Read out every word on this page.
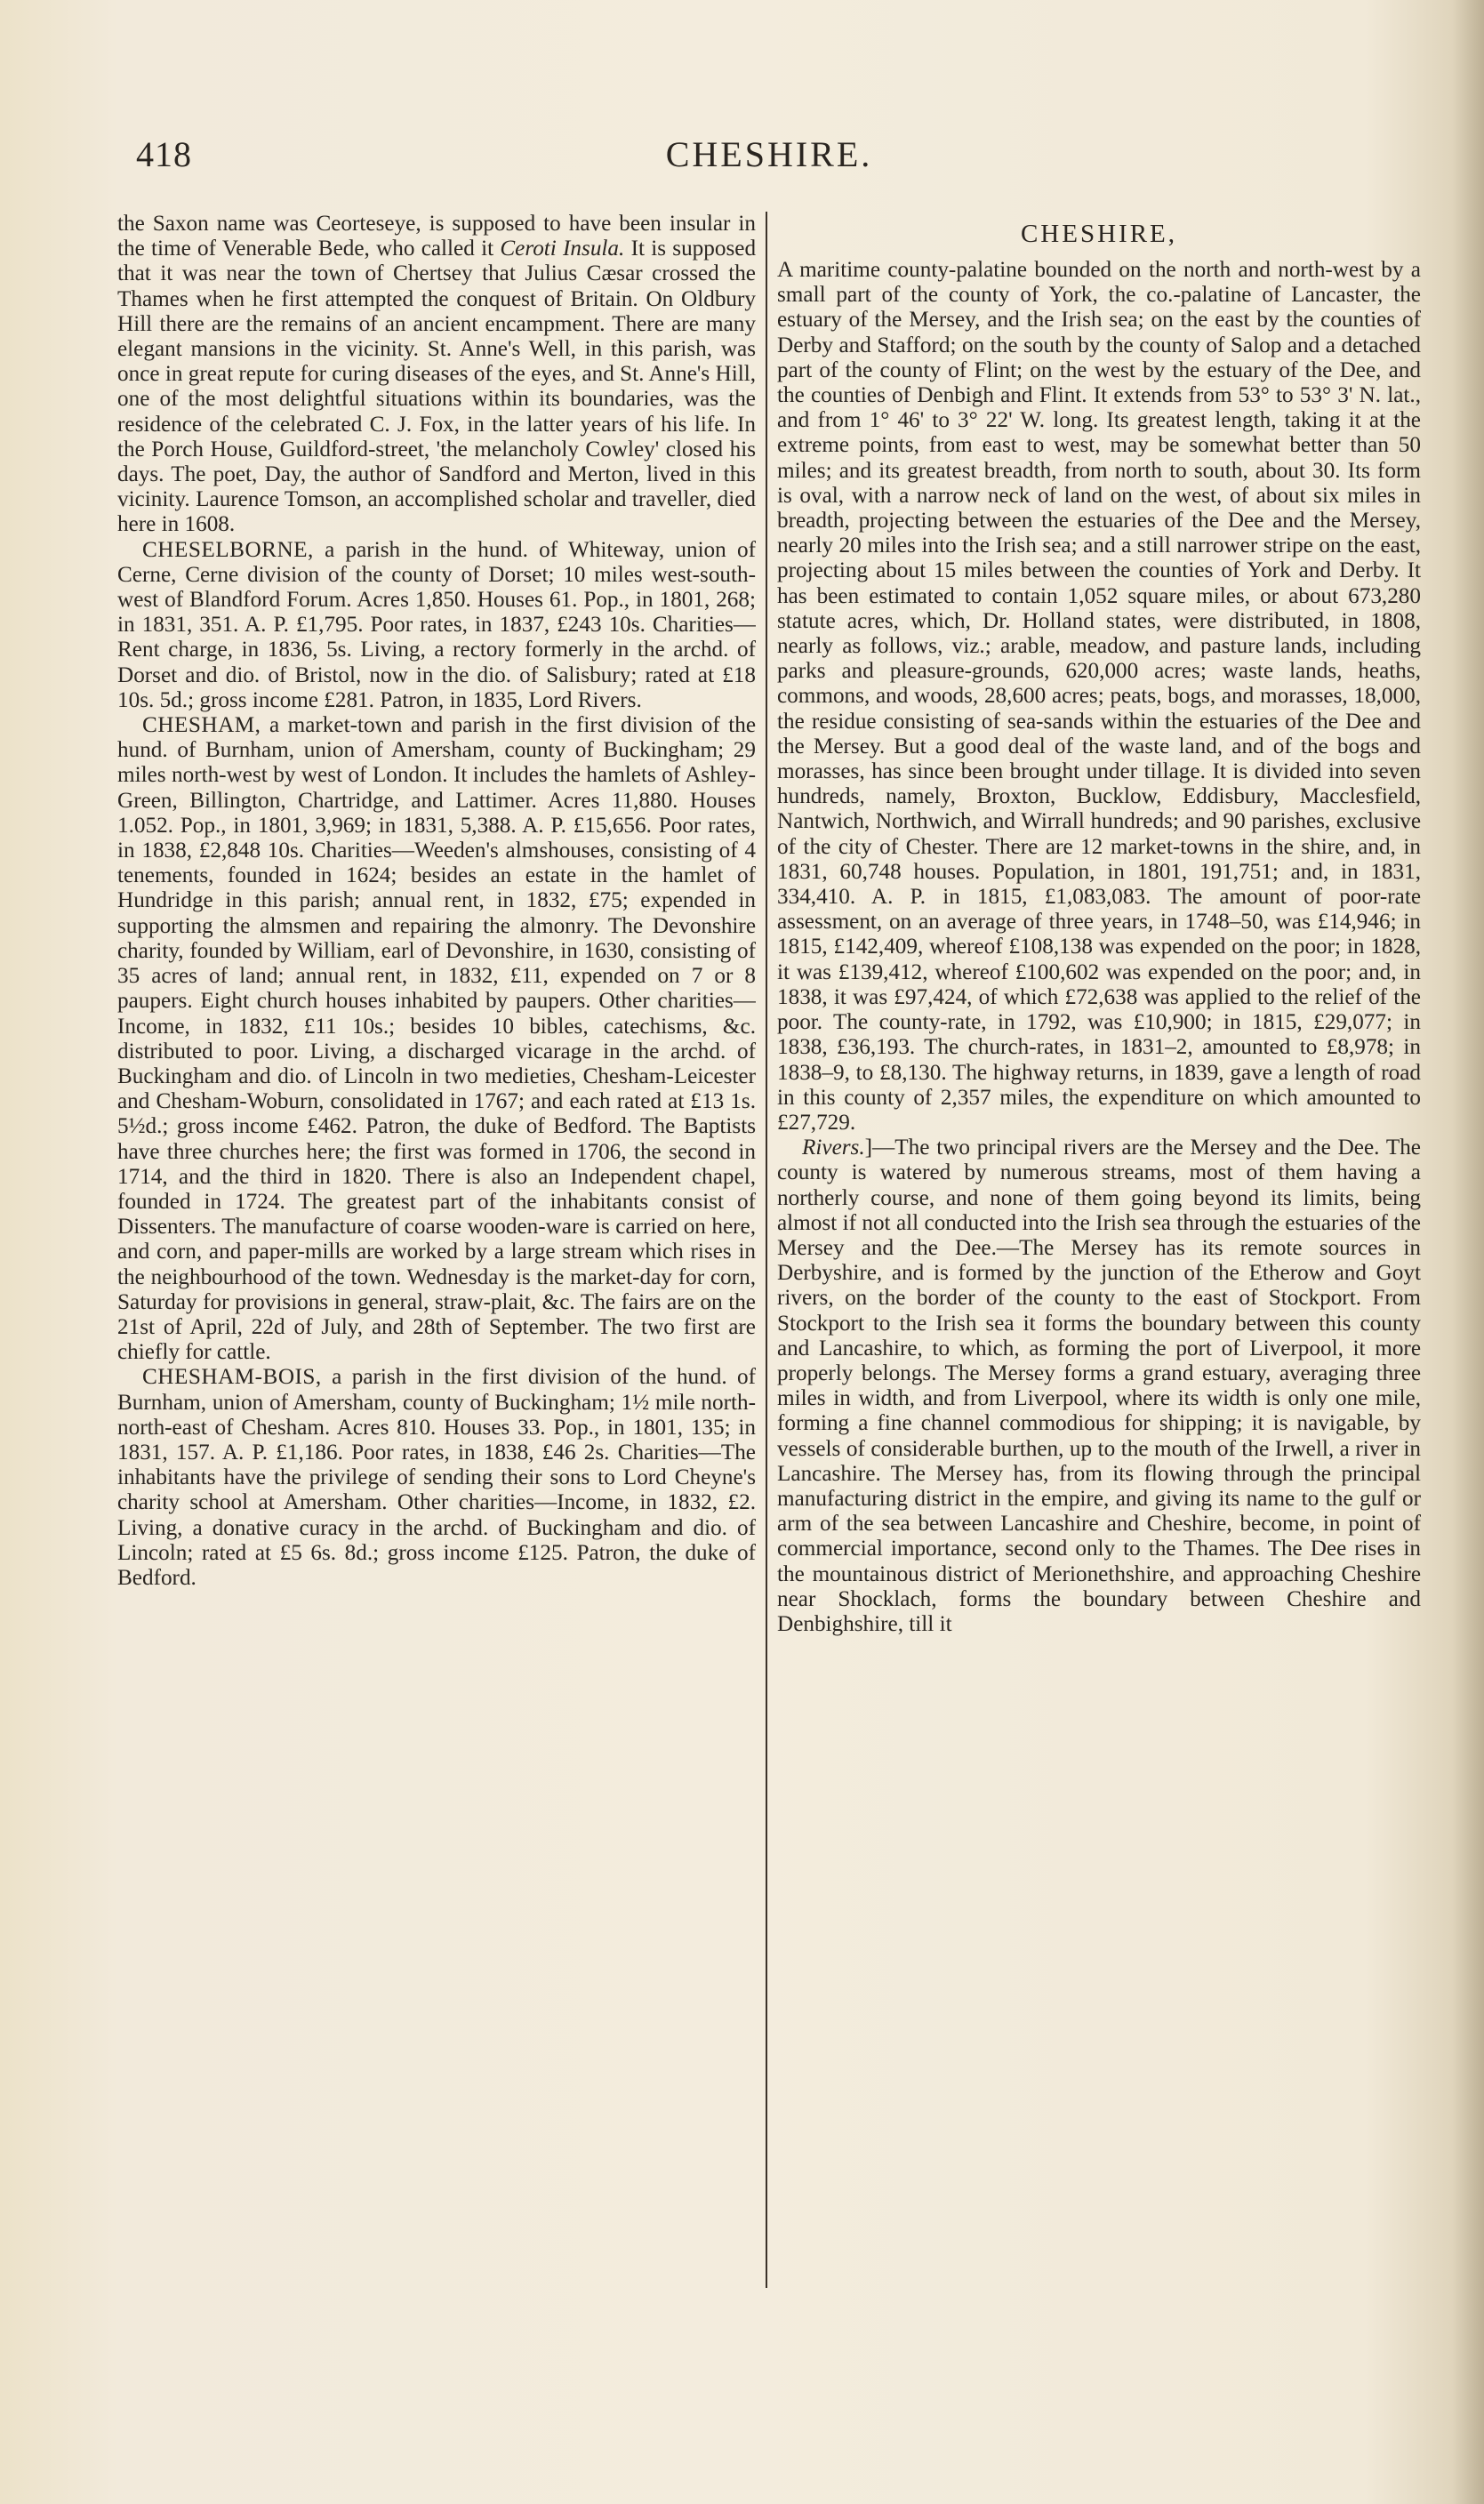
418	CHESHIRE.

the Saxon name was Ceorteseye, is supposed to have been insular in the time of Venerable Bede, who called it Ceroti Insula. It is supposed that it was near the town of Chertsey that Julius Cæsar crossed the Thames when he first attempted the conquest of Britain. On Oldbury Hill there are the remains of an ancient encampment. There are many elegant mansions in the vicinity. St. Anne's Well, in this parish, was once in great repute for curing diseases of the eyes, and St. Anne's Hill, one of the most delightful situations within its boundaries, was the residence of the celebrated C. J. Fox, in the latter years of his life. In the Porch House, Guildford-street, 'the melancholy Cowley' closed his days. The poet, Day, the author of Sandford and Merton, lived in this vicinity. Laurence Tomson, an accomplished scholar and traveller, died here in 1608.

CHESELBORNE, a parish in the hund. of Whiteway, union of Cerne, Cerne division of the county of Dorset; 10 miles west-south-west of Blandford Forum. Acres 1,850. Houses 61. Pop., in 1801, 268; in 1831, 351. A. P. £1,795. Poor rates, in 1837, £243 10s. Charities—Rent charge, in 1836, 5s. Living, a rectory formerly in the archd. of Dorset and dio. of Bristol, now in the dio. of Salisbury; rated at £18 10s. 5d.; gross income £281. Patron, in 1835, Lord Rivers.

CHESHAM, a market-town and parish in the first division of the hund. of Burnham, union of Amersham, county of Buckingham; 29 miles north-west by west of London. It includes the hamlets of Ashley-Green, Billington, Chartridge, and Lattimer. Acres 11,880. Houses 1.052. Pop., in 1801, 3,969; in 1831, 5,388. A. P. £15,656. Poor rates, in 1838, £2,848 10s. Charities—Weeden's almshouses, consisting of 4 tenements, founded in 1624; besides an estate in the hamlet of Hundridge in this parish; annual rent, in 1832, £75; expended in supporting the almsmen and repairing the almonry. The Devonshire charity, founded by William, earl of Devonshire, in 1630, consisting of 35 acres of land; annual rent, in 1832, £11, expended on 7 or 8 paupers. Eight church houses inhabited by paupers. Other charities—Income, in 1832, £11 10s.; besides 10 bibles, catechisms, &c. distributed to poor. Living, a discharged vicarage in the archd. of Buckingham and dio. of Lincoln in two medieties, Chesham-Leicester and Chesham-Woburn, consolidated in 1767; and each rated at £13 1s. 5½d.; gross income £462. Patron, the duke of Bedford. The Baptists have three churches here; the first was formed in 1706, the second in 1714, and the third in 1820. There is also an Independent chapel, founded in 1724. The greatest part of the inhabitants consist of Dissenters. The manufacture of coarse wooden-ware is carried on here, and corn, and paper-mills are worked by a large stream which rises in the neighbourhood of the town. Wednesday is the market-day for corn, Saturday for provisions in general, straw-plait, &c. The fairs are on the 21st of April, 22d of July, and 28th of September. The two first are chiefly for cattle.

CHESHAM-BOIS, a parish in the first division of the hund. of Burnham, union of Amersham, county of Buckingham; 1½ mile north-north-east of Chesham. Acres 810. Houses 33. Pop., in 1801, 135; in 1831, 157. A. P. £1,186. Poor rates, in 1838, £46 2s. Charities—The inhabitants have the privilege of sending their sons to Lord Cheyne's charity school at Amersham. Other charities—Income, in 1832, £2. Living, a donative curacy in the archd. of Buckingham and dio. of Lincoln; rated at £5 6s. 8d.; gross income £125. Patron, the duke of Bedford.

CHESHIRE,

A maritime county-palatine bounded on the north and north-west by a small part of the county of York, the co.-palatine of Lancaster, the estuary of the Mersey, and the Irish sea; on the east by the counties of Derby and Stafford; on the south by the county of Salop and a detached part of the county of Flint; on the west by the estuary of the Dee, and the counties of Denbigh and Flint. It extends from 53° to 53° 3' N. lat., and from 1° 46' to 3° 22' W. long. Its greatest length, taking it at the extreme points, from east to west, may be somewhat better than 50 miles; and its greatest breadth, from north to south, about 30. Its form is oval, with a narrow neck of land on the west, of about six miles in breadth, projecting between the estuaries of the Dee and the Mersey, nearly 20 miles into the Irish sea; and a still narrower stripe on the east, projecting about 15 miles between the counties of York and Derby. It has been estimated to contain 1,052 square miles, or about 673,280 statute acres, which, Dr. Holland states, were distributed, in 1808, nearly as follows, viz.; arable, meadow, and pasture lands, including parks and pleasure-grounds, 620,000 acres; waste lands, heaths, commons, and woods, 28,600 acres; peats, bogs, and morasses, 18,000, the residue consisting of sea-sands within the estuaries of the Dee and the Mersey. But a good deal of the waste land, and of the bogs and morasses, has since been brought under tillage. It is divided into seven hundreds, namely, Broxton, Bucklow, Eddisbury, Macclesfield, Nantwich, Northwich, and Wirrall hundreds; and 90 parishes, exclusive of the city of Chester. There are 12 market-towns in the shire, and, in 1831, 60,748 houses. Population, in 1801, 191,751; and, in 1831, 334,410. A. P. in 1815, £1,083,083. The amount of poor-rate assessment, on an average of three years, in 1748–50, was £14,946; in 1815, £142,409, whereof £108,138 was expended on the poor; in 1828, it was £139,412, whereof £100,602 was expended on the poor; and, in 1838, it was £97,424, of which £72,638 was applied to the relief of the poor. The county-rate, in 1792, was £10,900; in 1815, £29,077; in 1838, £36,193. The church-rates, in 1831–2, amounted to £8,978; in 1838–9, to £8,130. The highway returns, in 1839, gave a length of road in this county of 2,357 miles, the expenditure on which amounted to £27,729.

Rivers.]—The two principal rivers are the Mersey and the Dee. The county is watered by numerous streams, most of them having a northerly course, and none of them going beyond its limits, being almost if not all conducted into the Irish sea through the estuaries of the Mersey and the Dee.—The Mersey has its remote sources in Derbyshire, and is formed by the junction of the Etherow and Goyt rivers, on the border of the county to the east of Stockport. From Stockport to the Irish sea it forms the boundary between this county and Lancashire, to which, as forming the port of Liverpool, it more properly belongs. The Mersey forms a grand estuary, averaging three miles in width, and from Liverpool, where its width is only one mile, forming a fine channel commodious for shipping; it is navigable, by vessels of considerable burthen, up to the mouth of the Irwell, a river in Lancashire. The Mersey has, from its flowing through the principal manufacturing district in the empire, and giving its name to the gulf or arm of the sea between Lancashire and Cheshire, become, in point of commercial importance, second only to the Thames. The Dee rises in the mountainous district of Merionethshire, and approaching Cheshire near Shocklach, forms the boundary between Cheshire and Denbighshire, till it
